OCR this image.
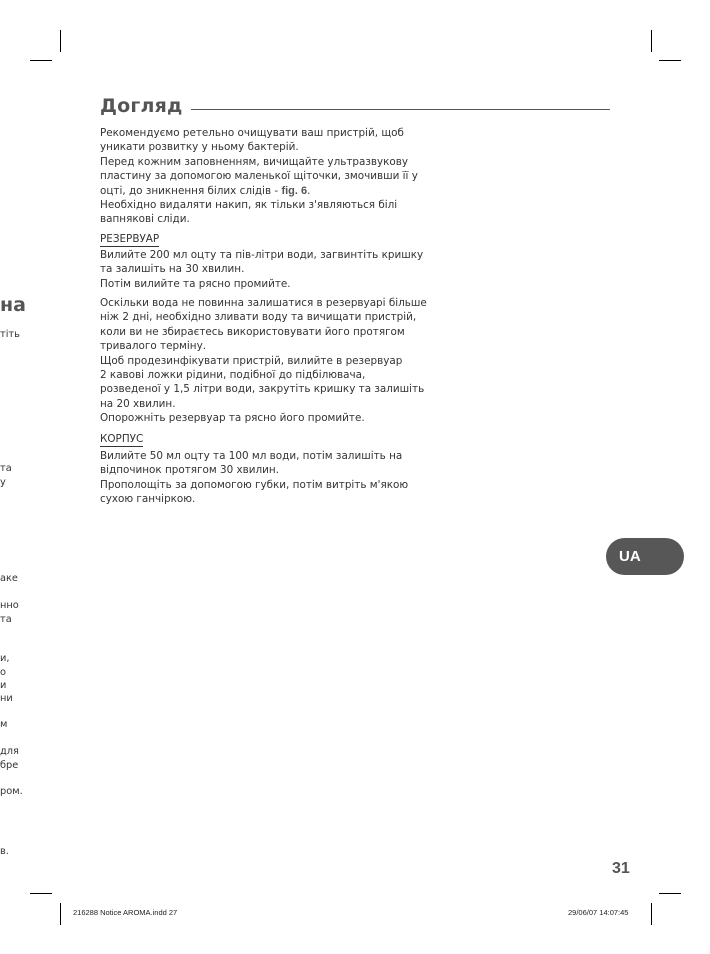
на
тіть
та
у
аке
нно
та
и,
о
и
ни
м
для
бре
ром.
в.
Догляд

Рекомендуємо ретельно очищувати ваш пристрій, щоб

уникати розвитку у ньому бактерій.

Перед кожним заповненням, вичищайте ультразвукову

пластину за допомогою маленької щіточки, змочивши її у

оцті, до зникнення білих слідів - fig. 6.

Необхідно видаляти накип, як тільки з'являються білі

вапнякові сліди.

РЕЗЕРВУАР

Вилийте 200 мл оцту та пів-літри води, загвинтіть кришку

та залишіть на 30 хвилин.

Потім вилийте та рясно промийте.

Оскільки вода не повинна залишатися в резервуарі більше

ніж 2 дні, необхідно зливати воду та вичищати пристрій,

коли ви не збираєтесь використовувати його протягом

тривалого терміну.

Щоб продезинфікувати пристрій, вилийте в резервуар

2 кавові ложки рідини, подібної до підбілювача,

розведеної у 1,5 літри води, закрутіть кришку та залишіть

на 20 хвилин.

Опорожніть резервуар та рясно його промийте.

КОРПУС

Вилийте 50 мл оцту та 100 мл води, потім залишіть на

відпочинок протягом 30 хвилин.

Прополощіть за допомогою губки, потім витріть м'якою

сухою ганчіркою.

UA
31
216288 Notice AROMA.indd 27	29/06/07 14:07:45
